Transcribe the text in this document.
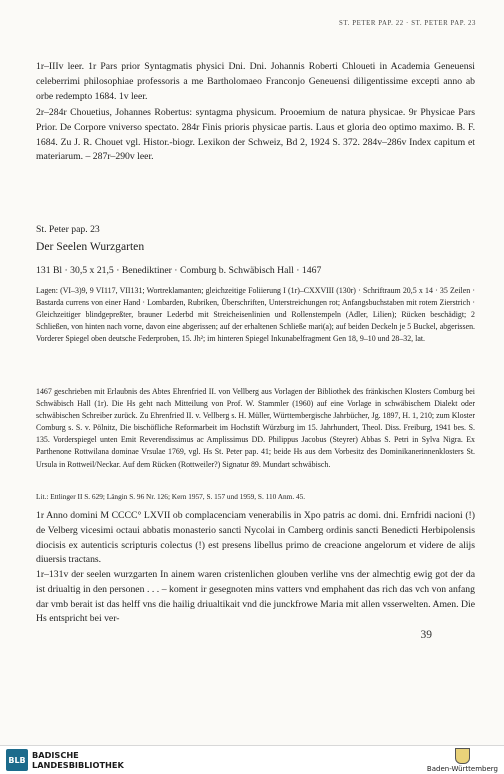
ST. PETER PAP. 22 · ST. PETER PAP. 23

1r–IIIv leer. 1r Pars prior Syntagmatis physici Dni. Dni. Johannis Roberti Chloueti in Academia Geneuensi celeberrimi philosophiae professoris a me Bartholomaeo Franconjo Geneuensi diligentissime excepti anno ab orbe redempto 1684. 1v leer.

2r–284r Chouetius, Johannes Robertus: syntagma physicum. Prooemium de natura physicae. 9r Physicae Pars Prior. De Corpore vniverso spectato. 284r Finis prioris physicae partis. Laus et gloria deo optimo maximo. B. F. 1684. Zu J. R. Chouet vgl. Histor.-biogr. Lexikon der Schweiz, Bd 2, 1924 S. 372. 284v–286v Index capitum et materiarum. – 287r–290v leer.

St. Peter pap. 23
Der Seelen Wurzgarten
131 Bl · 30,5 x 21,5 · Benediktiner · Comburg b. Schwäbisch Hall · 1467

Lagen: (VI–3)9, 9 VI117, VII131; Wortreklamanten; gleichzeitige Foliierung I (1r)–CXXVIII (130r) · Schriftraum 20,5 x 14 · 35 Zeilen · Bastarda currens von einer Hand · Lombarden, Rubriken, Überschriften, Unterstreichungen rot; Anfangsbuchstaben mit rotem Zierstrich · Gleichzeitiger blindgepreßter, brauner Lederbd mit Streicheisenlinien und Rollenstempeln (Adler, Lilien); Rücken beschädigt; 2 Schließen, von hinten nach vorne, davon eine abgerissen; auf der erhaltenen Schließe mari(a); auf beiden Deckeln je 5 Buckel, abgerissen. Vorderer Spiegel oben deutsche Federproben, 15. Jh²; im hinteren Spiegel Inkunabelfragment Gen 18, 9–10 und 28–32, lat.

1467 geschrieben mit Erlaubnis des Abtes Ehrenfried II. von Vellberg aus Vorlagen der Bibliothek des fränkischen Klosters Comburg bei Schwäbisch Hall (1r). Die Hs geht nach Mitteilung von Prof. W. Stammler (1960) auf eine Vorlage in schwäbischem Dialekt oder schwäbischen Schreiber zurück. Zu Ehrenfried II. v. Vellberg s. H. Müller, Württembergische Jahrbücher, Jg. 1897, H. 1, 210; zum Kloster Comburg s. S. v. Pölnitz, Die bischöfliche Reformarbeit im Hochstift Würzburg im 15. Jahrhundert, Theol. Diss. Freiburg, 1941 bes. S. 135. Vorderspiegel unten Emit Reverendissimus ac Amplissimus DD. Philippus Jacobus (Steyrer) Abbas S. Petri in Sylva Nigra. Ex Parthenone Rottwilana dominae Vrsulae 1769, vgl. Hs St. Peter pap. 41; beide Hs aus dem Vorbesitz des Dominikanerinnenklosters St. Ursula in Rottweil/Neckar. Auf dem Rücken (Rottweiler?) Signatur 89. Mundart schwäbisch.

Lit.: Ettlinger II S. 629; Längin S. 96 Nr. 126; Kern 1957, S. 157 und 1959, S. 110 Anm. 45.

1r Anno domini M CCCC° LXVII ob complacenciam venerabilis in Xpo patris ac domi. dni. Ernfridi nacioni (!) de Velberg vicesimi octaui abbatis monasterio sancti Nycolai in Camberg ordinis sancti Benedicti Herbipolensis diocisis ex autenticis scripturis colectus (!) est presens libellus primo de creacione angelorum et videre de alijs diuersis tractans.

1r–131v der seelen wurzgarten In ainem waren cristenlichen glouben verlihe vns der almechtig ewig got der da ist driualtig in den personen . . . – koment ir gesegnoten mins vatters vnd emphahent das rich das vch von anfang dar vmb berait ist das helff vns die hailig driualtikait vnd die junckfrowe Maria mit allen vsserwelten. Amen. Die Hs entspricht bei ver-

39
BLB BADISCHE
LANDESBIBLIOTHEK	Baden-Württemberg
